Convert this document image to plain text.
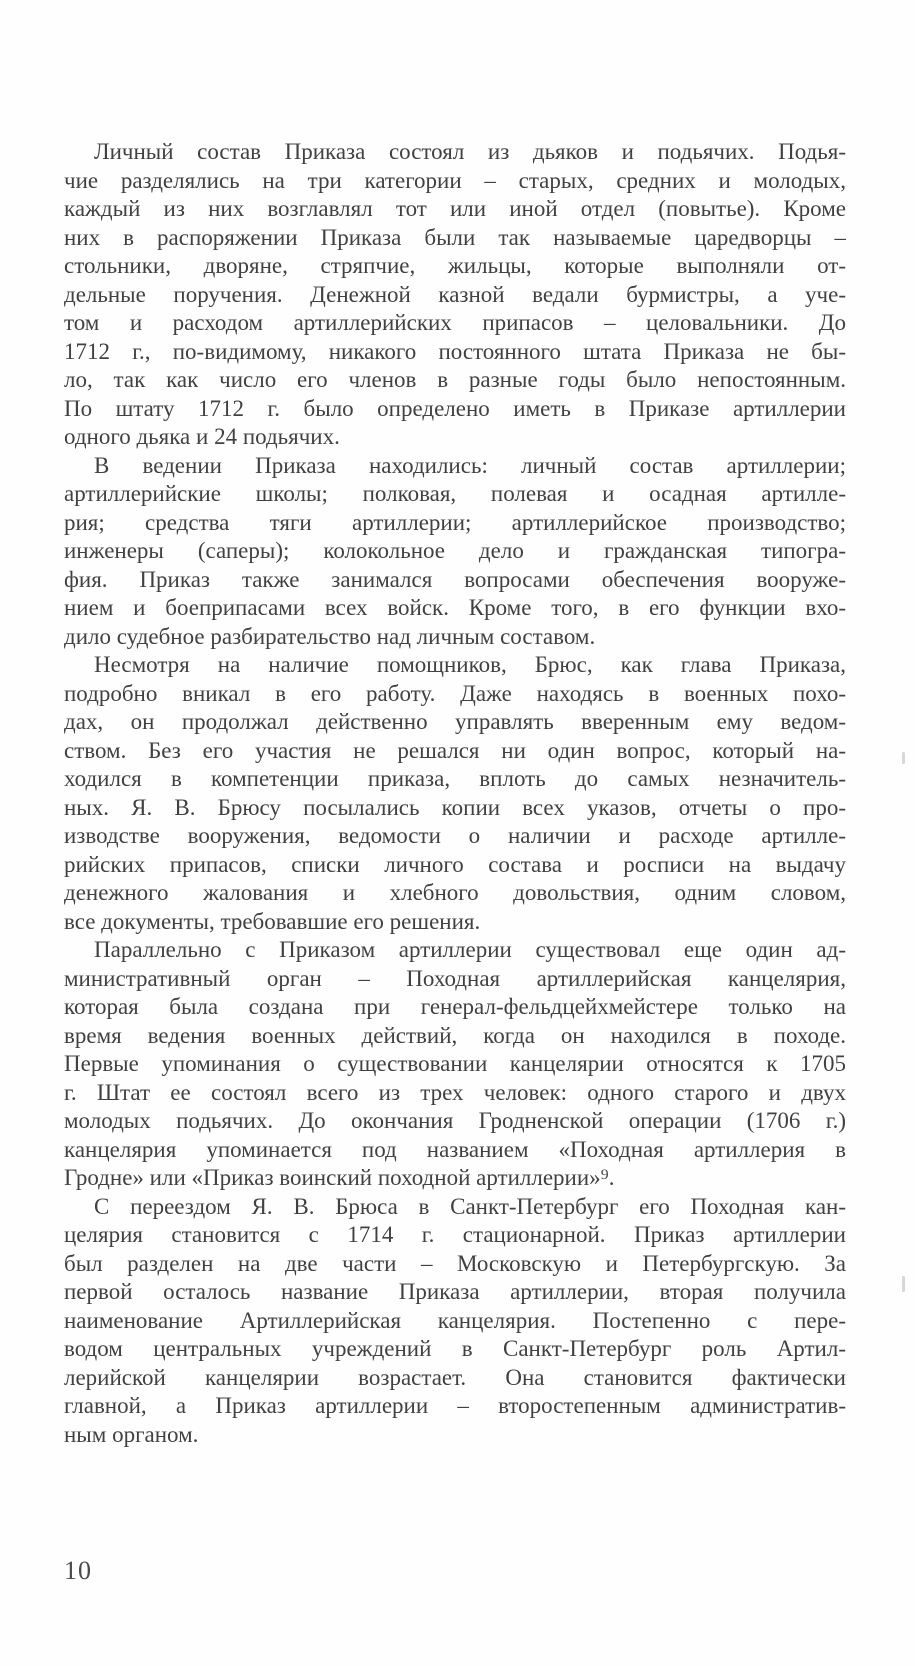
Личный состав Приказа состоял из дьяков и подьячих. Подья-
чие разделялись на три категории – старых, средних и молодых,
каждый из них возглавлял тот или иной отдел (повытье). Кроме
них в распоряжении Приказа были так называемые царедворцы –
стольники, дворяне, стряпчие, жильцы, которые выполняли от-
дельные поручения. Денежной казной ведали бурмистры, а уче-
том и расходом артиллерийских припасов – целовальники. До
1712 г., по-видимому, никакого постоянного штата Приказа не бы-
ло, так как число его членов в разные годы было непостоянным.
По штату 1712 г. было определено иметь в Приказе артиллерии
одного дьяка и 24 подьячих.
В ведении Приказа находились: личный состав артиллерии;
артиллерийские школы; полковая, полевая и осадная артилле-
рия; средства тяги артиллерии; артиллерийское производство;
инженеры (саперы); колокольное дело и гражданская типогра-
фия. Приказ также занимался вопросами обеспечения вооруже-
нием и боеприпасами всех войск. Кроме того, в его функции вхо-
дило судебное разбирательство над личным составом.
Несмотря на наличие помощников, Брюс, как глава Приказа,
подробно вникал в его работу. Даже находясь в военных похо-
дах, он продолжал действенно управлять вверенным ему ведом-
ством. Без его участия не решался ни один вопрос, который на-
ходился в компетенции приказа, вплоть до самых незначитель-
ных. Я. В. Брюсу посылались копии всех указов, отчеты о про-
изводстве вооружения, ведомости о наличии и расходе артилле-
рийских припасов, списки личного состава и росписи на выдачу
денежного жалования и хлебного довольствия, одним словом,
все документы, требовавшие его решения.
Параллельно с Приказом артиллерии существовал еще один ад-
министративный орган – Походная артиллерийская канцелярия,
которая была создана при генерал-фельдцейхмейстере только на
время ведения военных действий, когда он находился в походе.
Первые упоминания о существовании канцелярии относятся к 1705
г. Штат ее состоял всего из трех человек: одного старого и двух
молодых подьячих. До окончания Гродненской операции (1706 г.)
канцелярия упоминается под названием «Походная артиллерия в
Гродне» или «Приказ воинский походной артиллерии»⁹.
С переездом Я. В. Брюса в Санкт-Петербург его Походная кан-
целярия становится с 1714 г. стационарной. Приказ артиллерии
был разделен на две части – Московскую и Петербургскую. За
первой осталось название Приказа артиллерии, вторая получила
наименование Артиллерийская канцелярия. Постепенно с пере-
водом центральных учреждений в Санкт-Петербург роль Артил-
лерийской канцелярии возрастает. Она становится фактически
главной, а Приказ артиллерии – второстепенным административ-
ным органом.
10
